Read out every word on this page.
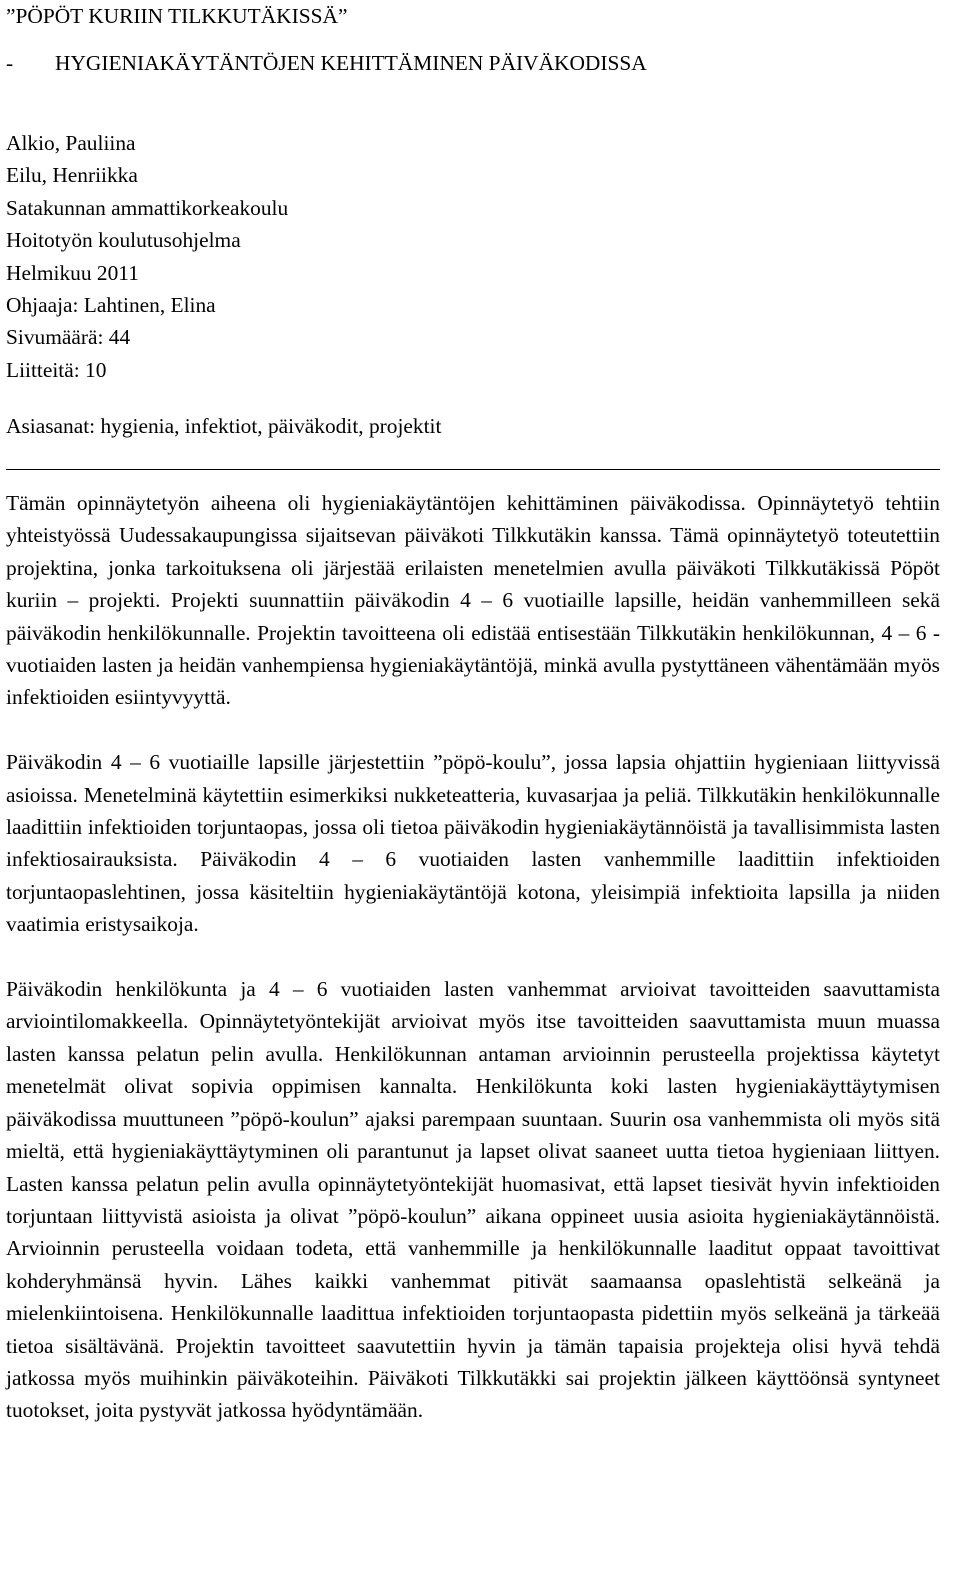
”PÖPÖT KURIIN TILKKUTÄKISSÄ”

- HYGIENIAKÄYTÄNTÖJEN KEHITTÄMINEN PÄIVÄKODISSA

Alkio, Pauliina

Eilu, Henriikka

Satakunnan ammattikorkeakoulu

Hoitotyön koulutusohjelma

Helmikuu 2011

Ohjaaja: Lahtinen, Elina

Sivumäärä: 44

Liitteitä: 10

Asiasanat: hygienia, infektiot, päiväkodit, projektit

Tämän opinnäytetyön aiheena oli hygieniakäytäntöjen kehittäminen päiväkodissa. Opinnäytetyö tehtiin yhteistyössä Uudessakaupungissa sijaitsevan päiväkoti Tilkkutäkin kanssa. Tämä opinnäytetyö toteutettiin projektina, jonka tarkoituksena oli järjestää erilaisten menetelmien avulla päiväkoti Tilkkutäkissä Pöpöt kuriin – projekti. Projekti suunnattiin päiväkodin 4 – 6 vuotiaille lapsille, heidän vanhemmilleen sekä päiväkodin henkilökunnalle. Projektin tavoitteena oli edistää entisestään Tilkkutäkin henkilökunnan, 4 – 6 -vuotiaiden lasten ja heidän vanhempiensa hygieniakäytäntöjä, minkä avulla pystyttäneen vähentämään myös infektioiden esiintyvyyttä.

Päiväkodin 4 – 6 vuotiaille lapsille järjestettiin ”pöpö-koulu”, jossa lapsia ohjattiin hygieniaan liittyvissä asioissa. Menetelminä käytettiin esimerkiksi nukketeatteria, kuvasarjaa ja peliä. Tilkkutäkin henkilökunnalle laadittiin infektioiden torjuntaopas, jossa oli tietoa päiväkodin hygieniakäytännöistä ja tavallisimmista lasten infektiosairauksista. Päiväkodin 4 – 6 vuotiaiden lasten vanhemmille laadittiin infektioiden torjuntaopaslehtinen, jossa käsiteltiin hygieniakäytäntöjä kotona, yleisimpiä infektioita lapsilla ja niiden vaatimia eristysaikoja.

Päiväkodin henkilökunta ja 4 – 6 vuotiaiden lasten vanhemmat arvioivat tavoitteiden saavuttamista arviointilomakkeella. Opinnäytetyöntekijät arvioivat myös itse tavoitteiden saavuttamista muun muassa lasten kanssa pelatun pelin avulla. Henkilökunnan antaman arvioinnin perusteella projektissa käytetyt menetelmät olivat sopivia oppimisen kannalta. Henkilökunta koki lasten hygieniakäyttäytymisen päiväkodissa muuttuneen ”pöpö-koulun” ajaksi parempaan suuntaan. Suurin osa vanhemmista oli myös sitä mieltä, että hygieniakäyttäytyminen oli parantunut ja lapset olivat saaneet uutta tietoa hygieniaan liittyen. Lasten kanssa pelatun pelin avulla opinnäytetyöntekijät huomasivat, että lapset tiesivät hyvin infektioiden torjuntaan liittyvistä asioista ja olivat ”pöpö-koulun” aikana oppineet uusia asioita hygieniakäytännöistä. Arvioinnin perusteella voidaan todeta, että vanhemmille ja henkilökunnalle laaditut oppaat tavoittivat kohderyhmänsä hyvin. Lähes kaikki vanhemmat pitivät saamaansa opaslehtistä selkeänä ja mielenkiintoisena. Henkilökunnalle laadittua infektioiden torjuntaopasta pidettiin myös selkeänä ja tärkeää tietoa sisältävänä. Projektin tavoitteet saavutettiin hyvin ja tämän tapaisia projekteja olisi hyvä tehdä jatkossa myös muihinkin päiväkoteihin. Päiväkoti Tilkkutäkki sai projektin jälkeen käyttöönsä syntyneet tuotokset, joita pystyvät jatkossa hyödyntämään.
